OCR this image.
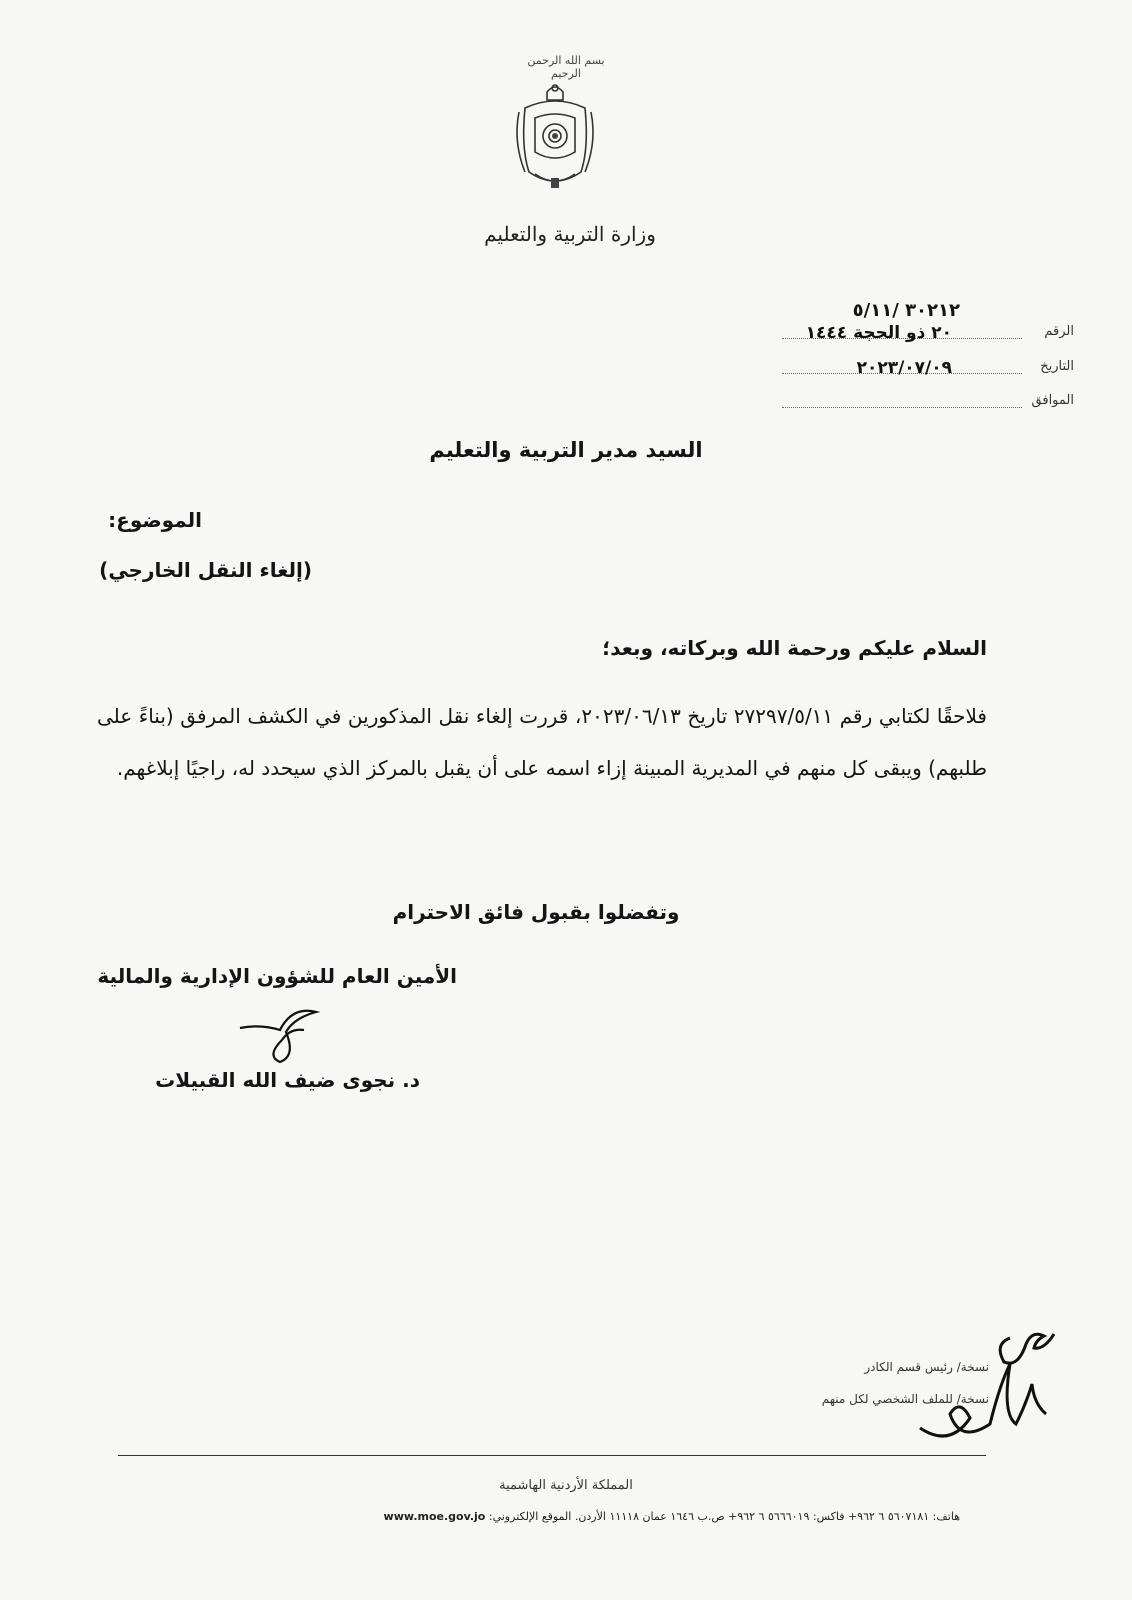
بسم الله الرحمن الرحيم
وزارة التربية والتعليم
٣٠٢١٢ /٥/١١
الرقم
٢٠ ذو الحجة ١٤٤٤
التاريخ
٢٠٢٣/٠٧/٠٩
الموافق
السيد مدير التربية والتعليم
الموضوع:
(إلغاء النقل الخارجي)
السلام عليكم ورحمة الله وبركاته، وبعد؛
فلاحقًا لكتابي رقم ٢٧٢٩٧/٥/١١ تاريخ ٢٠٢٣/٠٦/١٣، قررت إلغاء نقل المذكورين في الكشف المرفق (بناءً على طلبهم) ويبقى كل منهم في المديرية المبينة إزاء اسمه على أن يقبل بالمركز الذي سيحدد له، راجيًا إبلاغهم.
وتفضلوا بقبول فائق الاحترام
الأمين العام للشؤون الإدارية والمالية
د. نجوى ضيف الله القبيلات
نسخة/ رئيس قسم الكادر
نسخة/ للملف الشخصي لكل منهم
المملكة الأردنية الهاشمية
www.moe.gov.jo هاتف: ٥٦٠٧١٨١ ٦ ٩٦٢+ فاكس: ٥٦٦٦٠١٩ ٦ ٩٦٢+ ص.ب ١٦٤٦ عمان ١١١١٨ الأردن. الموقع الإلكتروني:
